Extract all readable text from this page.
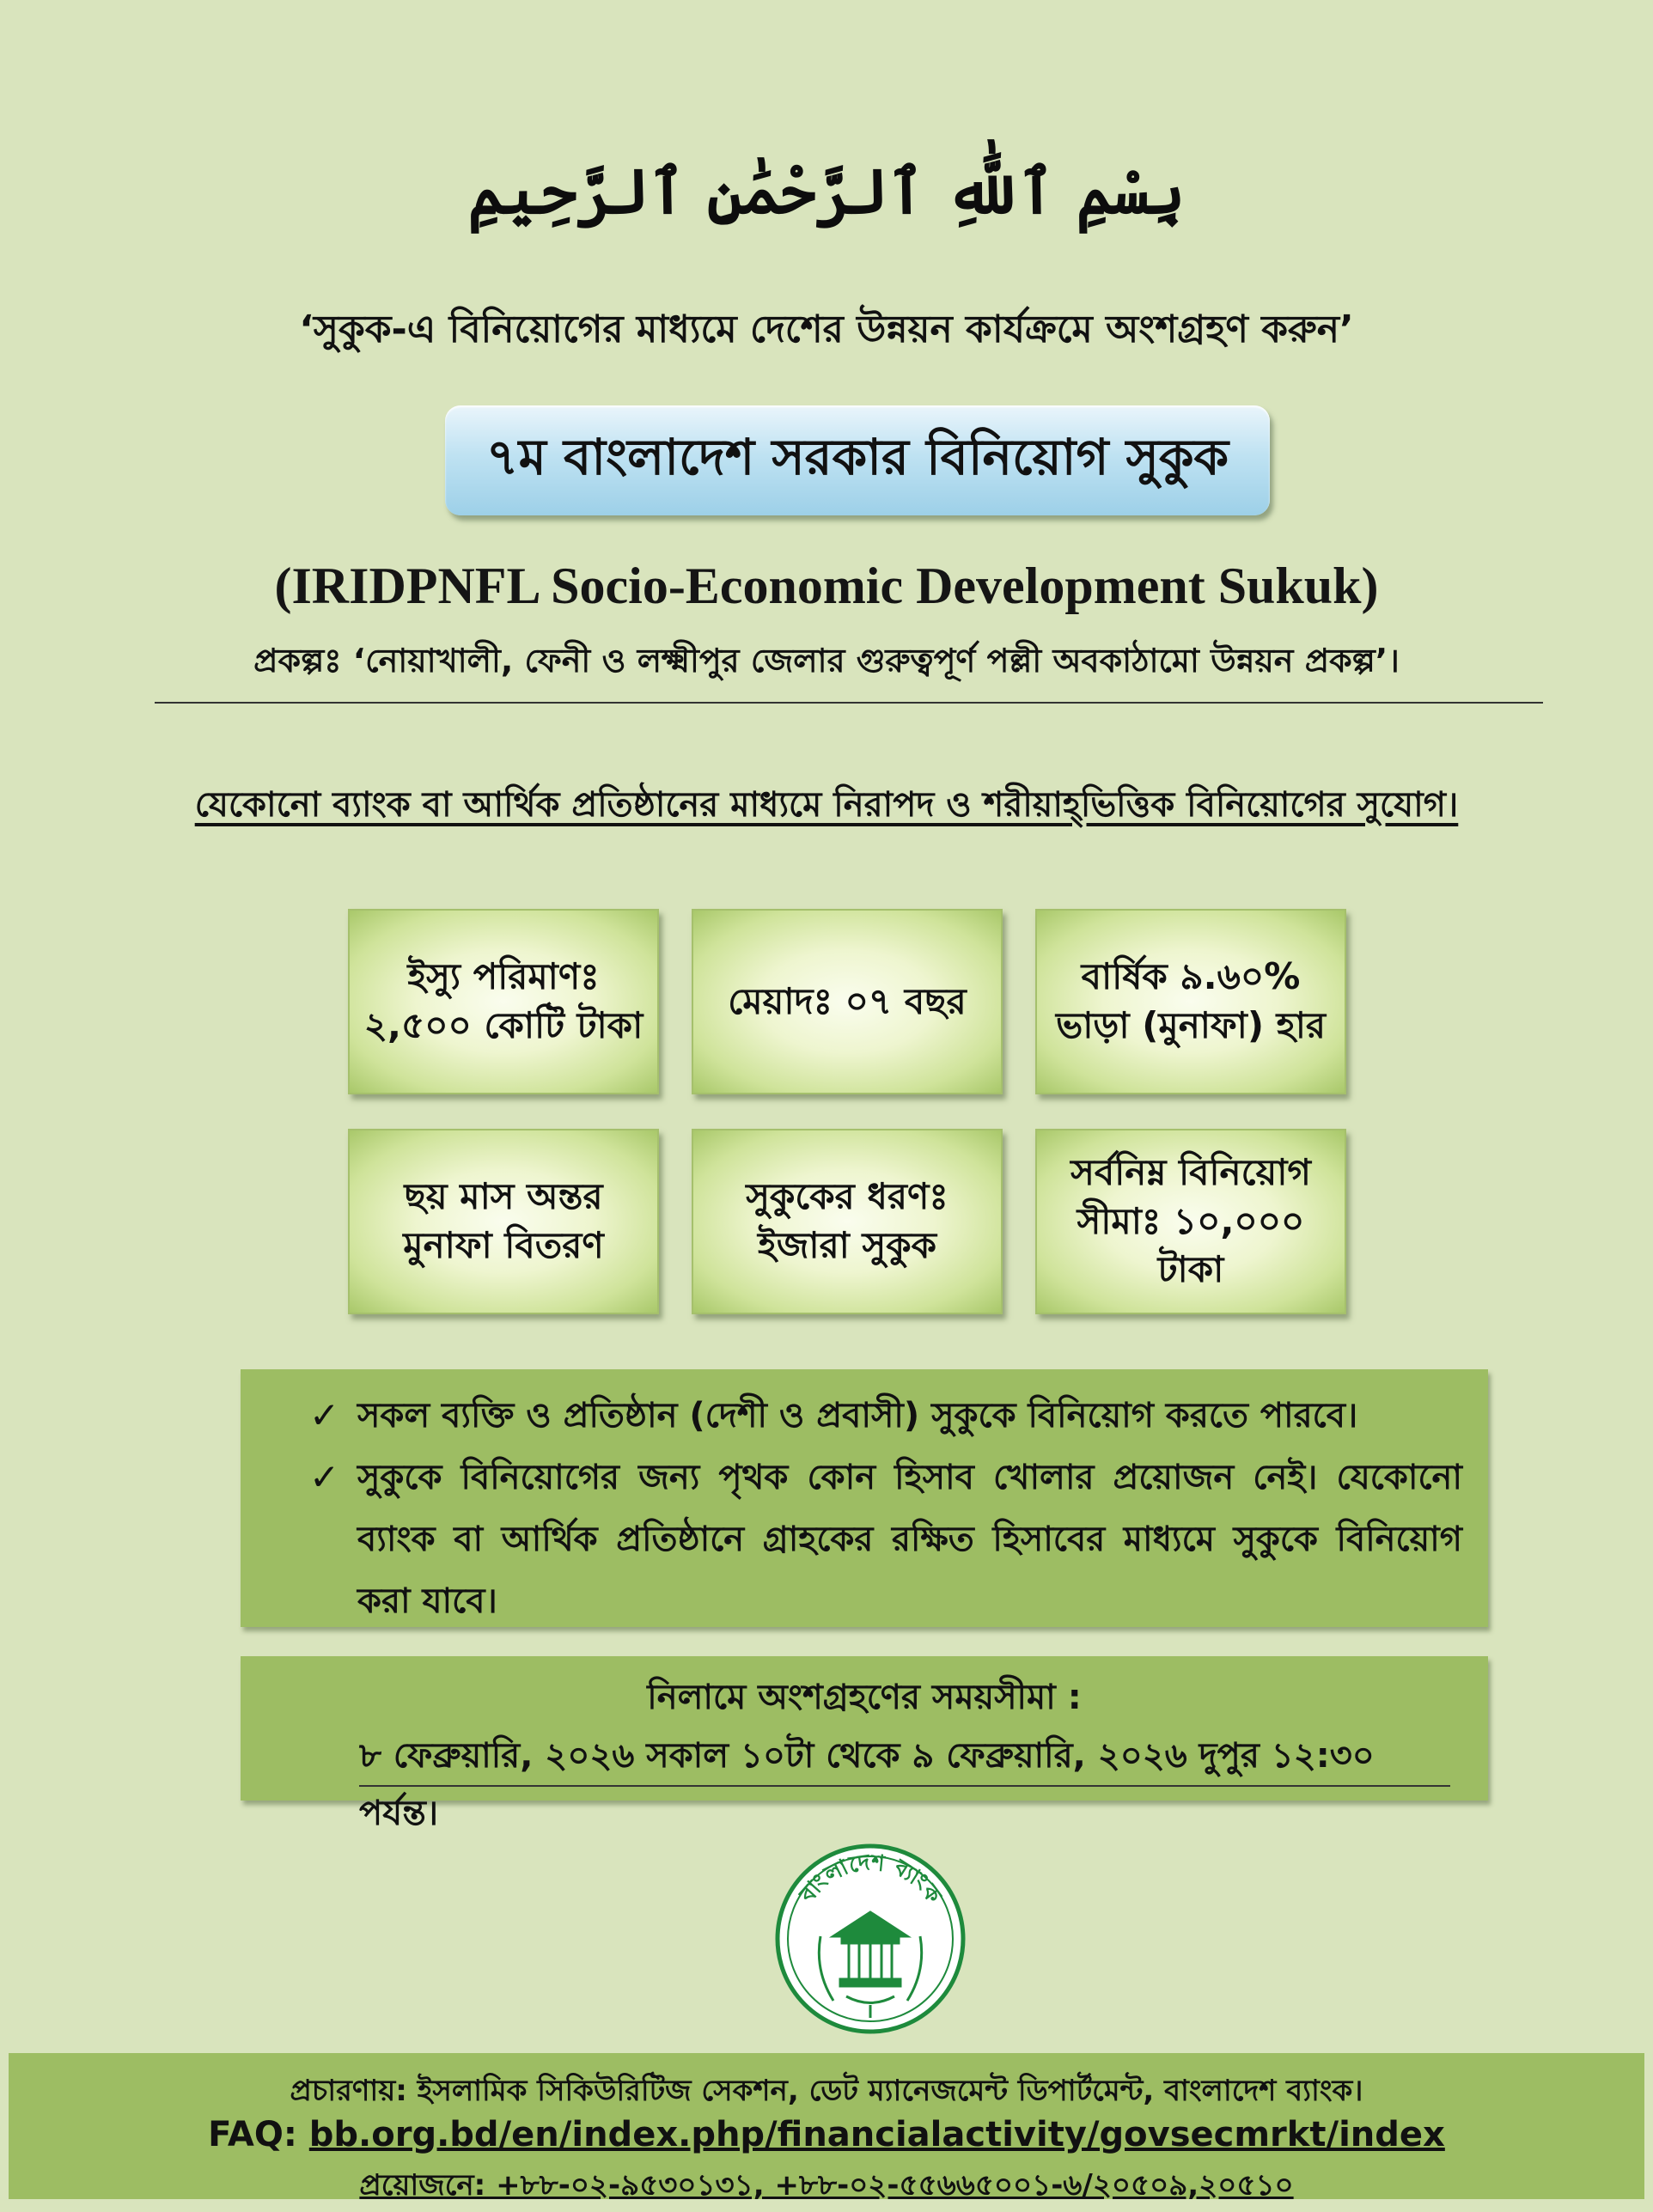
بِسْمِ ٱللَّٰهِ ٱلرَّحْمَٰنِ ٱلرَّحِيمِ
‘সুকুক-এ বিনিয়োগের মাধ্যমে দেশের উন্নয়ন কার্যক্রমে অংশগ্রহণ করুন’
৭ম বাংলাদেশ সরকার বিনিয়োগ সুকুক
(IRIDPNFL Socio-Economic Development Sukuk)
প্রকল্পঃ ‘নোয়াখালী, ফেনী ও লক্ষ্মীপুর জেলার গুরুত্বপূর্ণ পল্লী অবকাঠামো উন্নয়ন প্রকল্প’।
যেকোনো ব্যাংক বা আর্থিক প্রতিষ্ঠানের মাধ্যমে নিরাপদ ও শরীয়াহ্‌ভিত্তিক বিনিয়োগের সুযোগ।
ইস্যু পরিমাণঃ
২,৫০০ কোটি টাকা
মেয়াদঃ ০৭ বছর
বার্ষিক ৯.৬০%
ভাড়া (মুনাফা) হার
ছয় মাস অন্তর
মুনাফা বিতরণ
সুকুকের ধরণঃ
ইজারা সুকুক
সর্বনিম্ন বিনিয়োগ
সীমাঃ ১০,০০০
টাকা
✓ সকল ব্যক্তি ও প্রতিষ্ঠান (দেশী ও প্রবাসী) সুকুকে বিনিয়োগ করতে পারবে।
✓ সুকুকে বিনিয়োগের জন্য পৃথক কোন হিসাব খোলার প্রয়োজন নেই। যেকোনো ব্যাংক বা আর্থিক প্রতিষ্ঠানে গ্রাহকের রক্ষিত হিসাবের মাধ্যমে সুকুকে বিনিয়োগ করা যাবে।
নিলামে অংশগ্রহণের সময়সীমা :
৮ ফেব্রুয়ারি, ২০২৬ সকাল ১০টা থেকে ৯ ফেব্রুয়ারি, ২০২৬ দুপুর ১২:৩০ পর্যন্ত।
বাংলাদেশ ব্যাংক
প্রচারণায়: ইসলামিক সিকিউরিটিজ সেকশন, ডেট ম্যানেজমেন্ট ডিপার্টমেন্ট, বাংলাদেশ ব্যাংক।
FAQ: bb.org.bd/en/index.php/financialactivity/govsecmrkt/index
প্রয়োজনে: +৮৮-০২-৯৫৩০১৩১, +৮৮-০২-৫৫৬৬৫০০১-৬/২০৫০৯,২০৫১০
